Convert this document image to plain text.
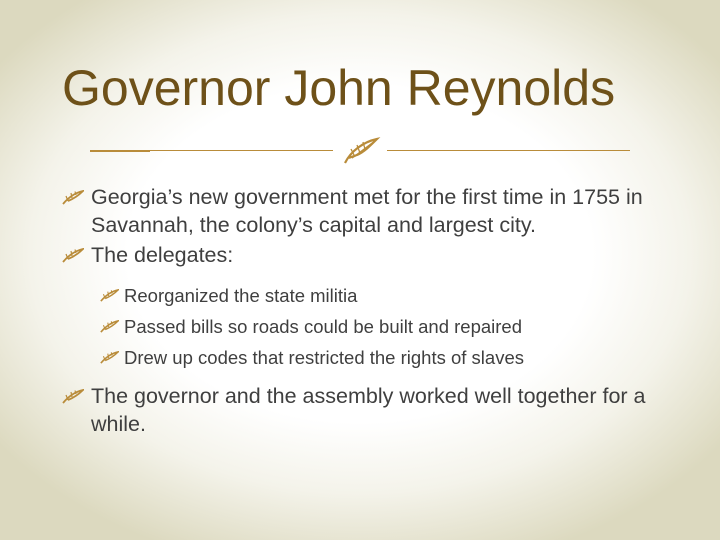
Governor John Reynolds
Georgia’s new government met for the first time in 1755 in Savannah, the colony’s capital and largest city.
The delegates:
Reorganized the state militia
Passed bills so roads could be built and repaired
Drew up codes that restricted the rights of slaves
The governor and the assembly worked well together for a while.
